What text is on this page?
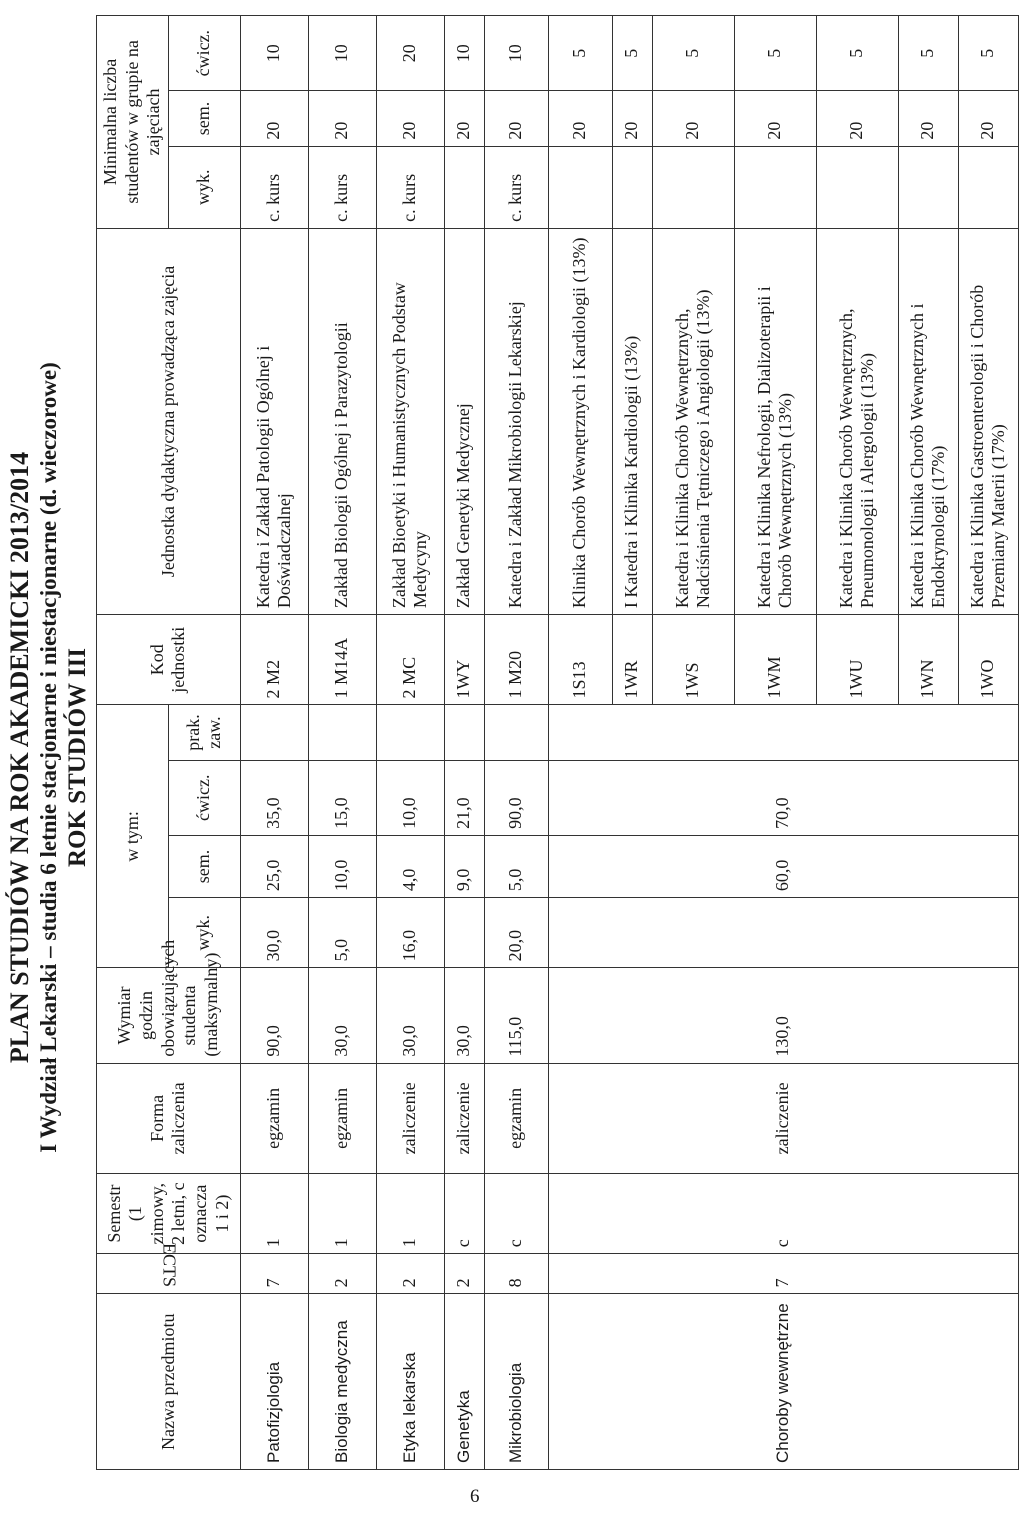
6
PLAN STUDIÓW NA ROK AKADEMICKI 2013/2014 I Wydział Lekarski – studia 6 letnie stacjonarne i niestacjonarne (d. wieczorowe) ROK STUDIÓW III
Nazwa przedmiotu	ECTS	Semestr (1 zimowy, 2 letni, c oznacza 1 i 2)	Forma zaliczenia	Wymiar godzin obowiązujących studenta (maksymalny)	w tym:				Kod jednostki	Jednostka dydaktyczna prowadząca zajęcia	Minimalna liczba studentów w grupie na zajęciach		
					wyk.	sem.	ćwicz.	prak. zaw.			wyk.	sem.	ćwicz.
Patofizjologia	7	1	egzamin	90,0	30,0	25,0	35,0		2 M2	Katedra i Zakład Patologii Ogólnej i Doświadczalnej	c. kurs	20	10
Biologia medyczna	2	1	egzamin	30,0	5,0	10,0	15,0		1 M14A	Zakład Biologii Ogólnej i Parazytologii	c. kurs	20	10
Etyka lekarska	2	1	zaliczenie	30,0	16,0	4,0	10,0		2 MC	Zakład Bioetyki i Humanistycznych Podstaw Medycyny	c. kurs	20	20
Genetyka	2	c	zaliczenie	30,0		9,0	21,0		1WY	Zakład Genetyki Medycznej		20	10
Mikrobiologia	8	c	egzamin	115,0	20,0	5,0	90,0		1 M20	Katedra i Zakład Mikrobiologii Lekarskiej	c. kurs	20	10
Choroby wewnętrzne	7	c	zaliczenie	130,0		60,0	70,0		1S13	Klinika Chorób Wewnętrznych i Kardiologii (13%)		20	5
									1WR	I Katedra i Klinika Kardiologii (13%)		20	5
									1WS	Katedra i Klinika Chorób Wewnętrznych, Nadciśnienia Tętniczego i Angiologii (13%)		20	5
									1WM	Katedra i Klinika Nefrologii, Dializoterapii i Chorób Wewnętrznych (13%)		20	5
									1WU	Katedra i Klinika Chorób Wewnętrznych, Pneumonologii i Alergologii (13%)		20	5
									1WN	Katedra i Klinika Chorób Wewnętrznych i Endokrynologii (17%)		20	5
									1WO	Katedra i Klinika Gastroenterologii i Chorób Przemiany Materii (17%)		20	5
